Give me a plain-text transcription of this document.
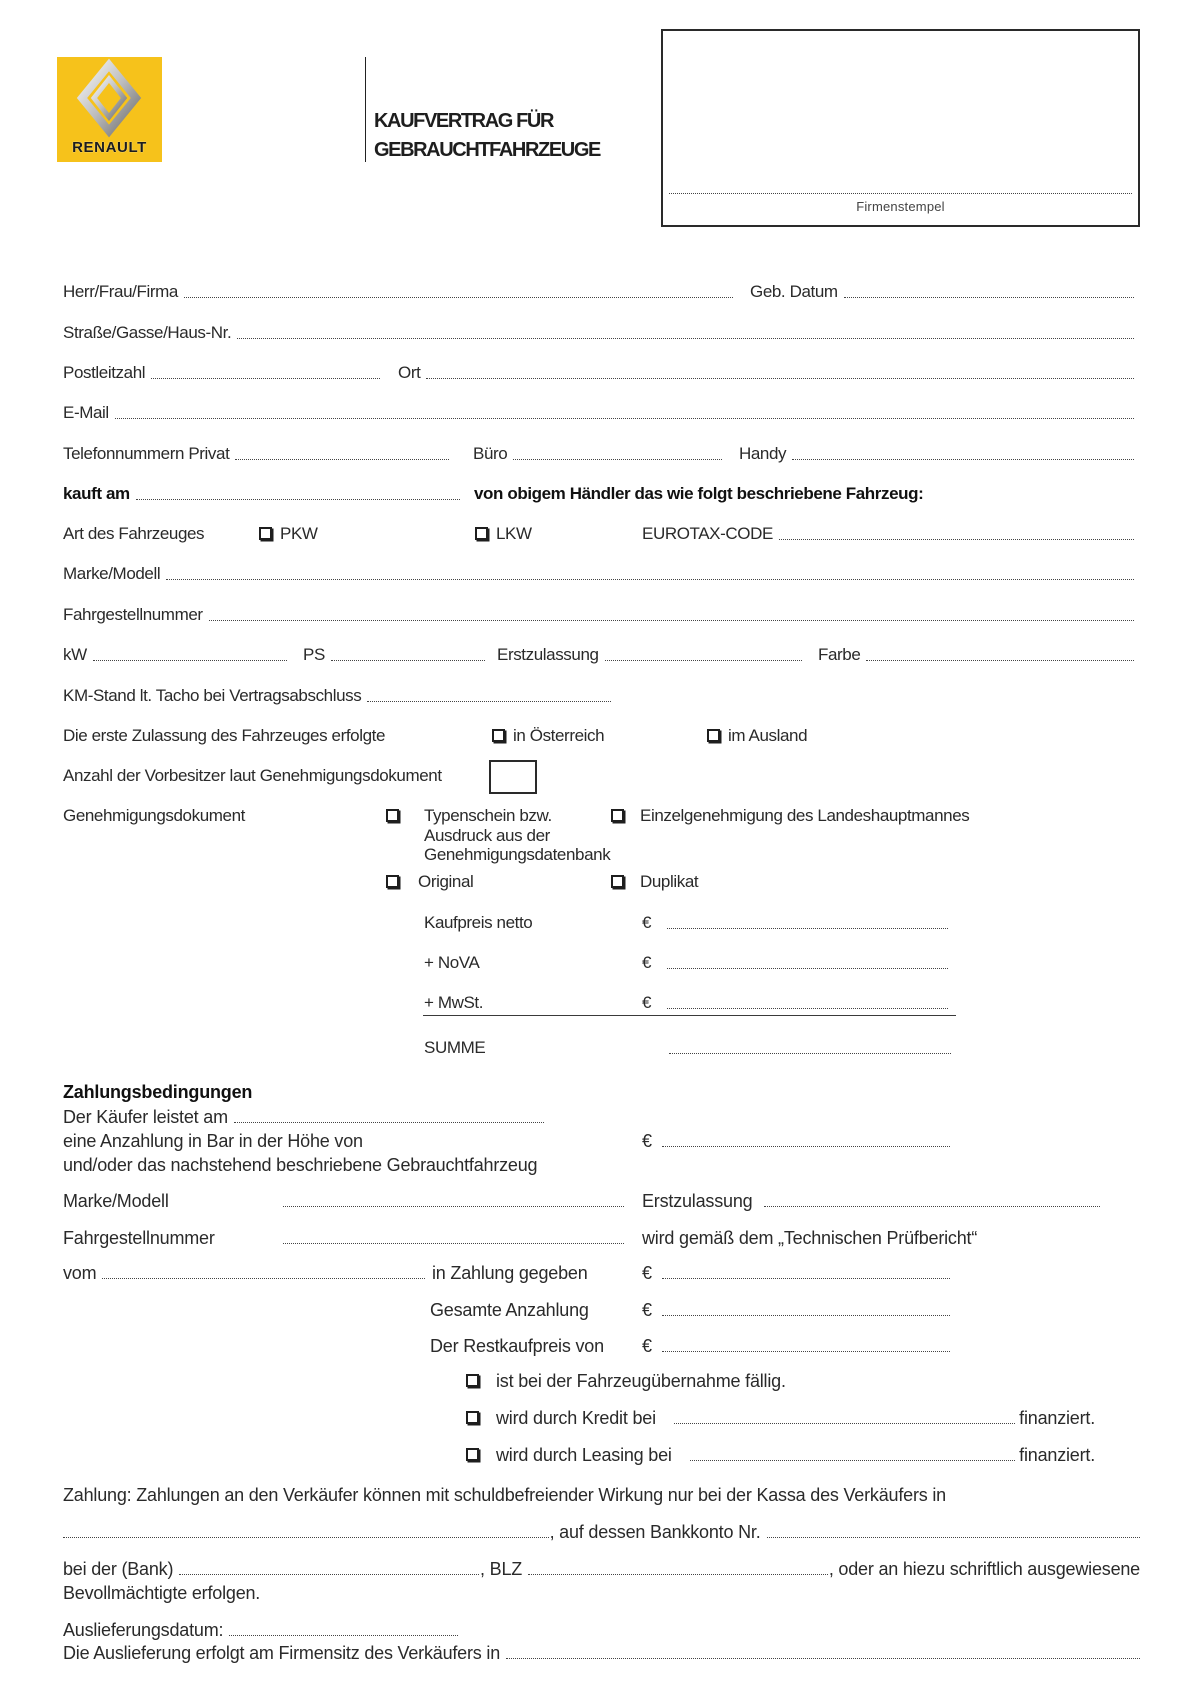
RENAULT
KAUFVERTRAG FÜR
GEBRAUCHTFAHRZEUGE
Firmenstempel
Herr/Frau/Firma	Geb. Datum
Straße/Gasse/Haus-Nr.
Postleitzahl	Ort
E-Mail
Telefonnummern Privat	Büro	Handy
kauft am	von obigem Händler das wie folgt beschriebene Fahrzeug:
Art des Fahrzeuges	PKW	LKW	EUROTAX-CODE
Marke/Modell
Fahrgestellnummer
kW	PS	Erstzulassung	Farbe
KM-Stand lt. Tacho bei Vertragsabschluss
Die erste Zulassung des Fahrzeuges erfolgte	in Österreich	im Ausland
Anzahl der Vorbesitzer laut Genehmigungsdokument
Genehmigungsdokument	Typenschein bzw.
Ausdruck aus der
Genehmigungsdatenbank
Einzelgenehmigung des Landeshauptmannes
Original	Duplikat
Kaufpreis netto	€
+ NoVA	€
+ MwSt.	€
SUMME
Zahlungsbedingungen
Der Käufer leistet am
eine Anzahlung in Bar in der Höhe von	€
und/oder das nachstehend beschriebene Gebrauchtfahrzeug
Marke/Modell	Erstzulassung
Fahrgestellnummer	wird gemäß dem „Technischen Prüfbericht“
vom	in Zahlung gegeben	€
Gesamte Anzahlung	€
Der Restkaufpreis von €
ist bei der Fahrzeugübernahme fällig.
wird durch Kredit bei	finanziert.
wird durch Leasing bei	finanziert.
Zahlung: Zahlungen an den Verkäufer können mit schuldbefreiender Wirkung nur bei der Kassa des Verkäufers in
, auf dessen Bankkonto Nr.
bei der (Bank)	, BLZ	, oder an hiezu schriftlich ausgewiesene
Bevollmächtigte erfolgen.
Auslieferungsdatum:
Die Auslieferung erfolgt am Firmensitz des Verkäufers in
